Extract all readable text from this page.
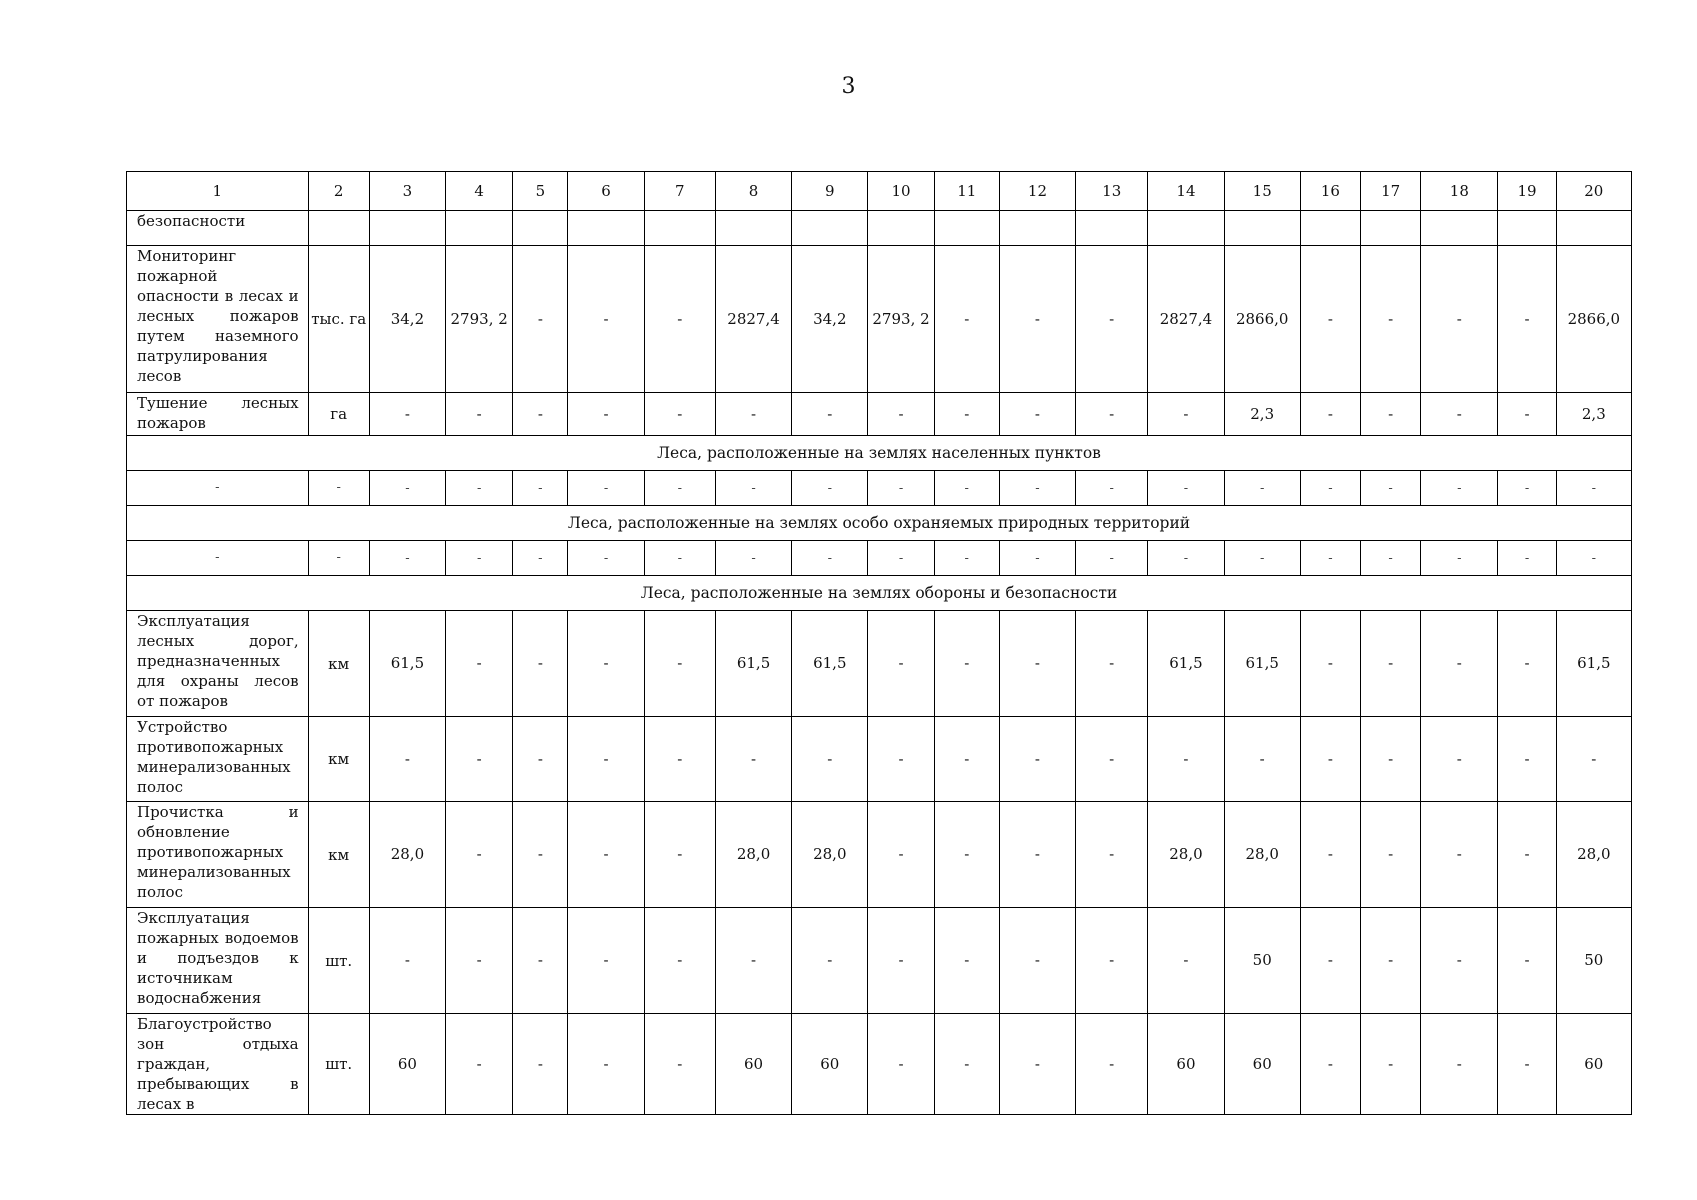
3
1	2	3	4	5	6	7	8	9	10	11	12	13	14	15	16	17	18	19	20
безопасности																			
Мониторинг пожарной опасности в лесах и лесных пожаров путем наземного патрулирования лесов	тыс. га	34,2	2793, 2	-	-	-	2827,4	34,2	2793, 2	-	-	-	2827,4	2866,0	-	-	-	-	2866,0
Тушение лесных пожаров	га	-	-	-	-	-	-	-	-	-	-	-	-	2,3	-	-	-	-	2,3
Леса, расположенные на землях населенных пунктов																			
-	-	-	-	-	-	-	-	-	-	-	-	-	-	-	-	-	-	-	-
Леса, расположенные на землях особо охраняемых природных территорий																			
-	-	-	-	-	-	-	-	-	-	-	-	-	-	-	-	-	-	-	-
Леса, расположенные на землях обороны и безопасности																			
Эксплуатация лесных дорог, предназначенных для охраны лесов от пожаров	км	61,5	-	-	-	-	61,5	61,5	-	-	-	-	61,5	61,5	-	-	-	-	61,5
Устройство противопожарных минерализованных полос	км	-	-	-	-	-	-	-	-	-	-	-	-	-	-	-	-	-	-
Прочистка и обновление противопожарных минерализованных полос	км	28,0	-	-	-	-	28,0	28,0	-	-	-	-	28,0	28,0	-	-	-	-	28,0
Эксплуатация пожарных водоемов и подъездов к источникам водоснабжения	шт.	-	-	-	-	-	-	-	-	-	-	-	-	50	-	-	-	-	50
Благоустройство зон отдыха граждан, пребывающих в лесах в	шт.	60	-	-	-	-	60	60	-	-	-	-	60	60	-	-	-	-	60
